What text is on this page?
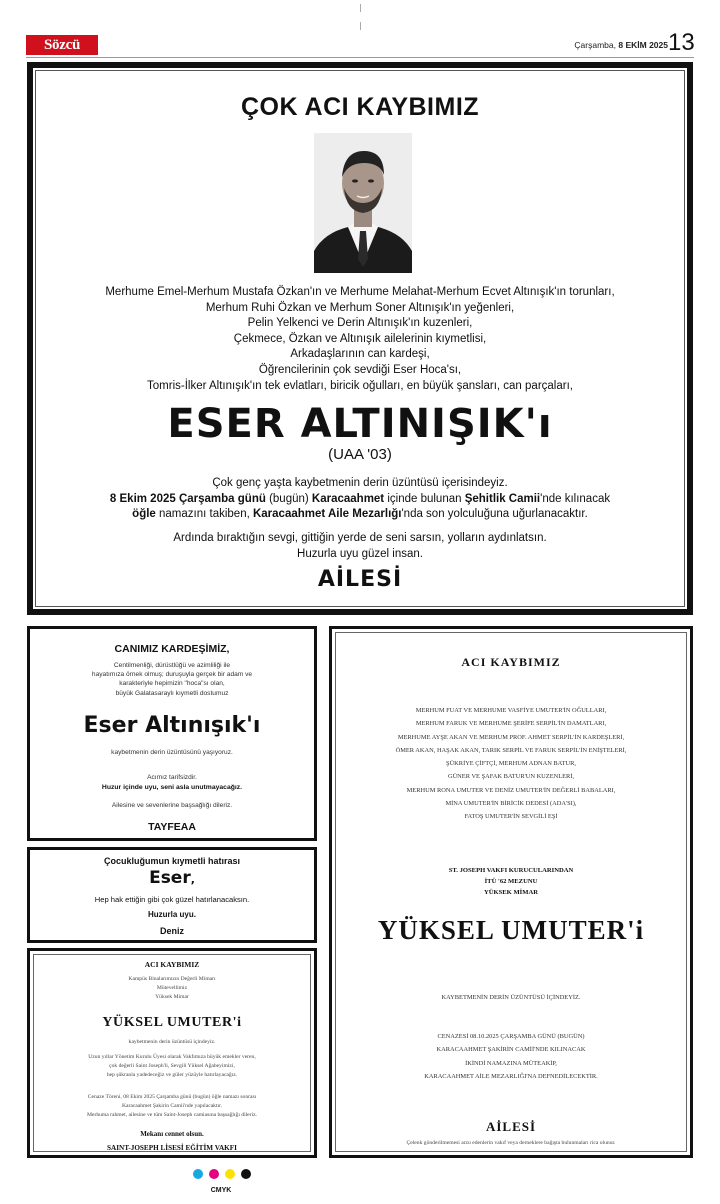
Sözcü	Çarşamba, 8 EKİM 2025 13
ÇOK ACI KAYBIMIZ
Merhume Emel-Merhum Mustafa Özkan'ın ve Merhume Melahat-Merhum Ecvet Altınışık'ın torunları,
Merhum Ruhi Özkan ve Merhum Soner Altınışık'ın yeğenleri,
Pelin Yelkenci ve Derin Altınışık'ın kuzenleri,
Çekmece, Özkan ve Altınışık ailelerinin kıymetlisi,
Arkadaşlarının can kardeşi,
Öğrencilerinin çok sevdiği Eser Hoca'sı,
Tomris-İlker Altınışık'ın tek evlatları, biricik oğulları, en büyük şansları, can parçaları,
ESER ALTINIŞIK'ı
(UAA '03)
Çok genç yaşta kaybetmenin derin üzüntüsü içerisindeyiz.
8 Ekim 2025 Çarşamba günü (bugün) Karacaahmet içinde bulunan Şehitlik Camii'nde kılınacak
öğle namazını takiben, Karacaahmet Aile Mezarlığı'nda son yolculuğuna uğurlanacaktır.
Ardında bıraktığın sevgi, gittiğin yerde de seni sarsın, yolların aydınlatsın.
Huzurla uyu güzel insan.
AİLESİ
CANIMIZ KARDEŞİMİZ,
Centilmenliği, dürüstlüğü ve azimliliği ile
hayatımıza örnek olmuş; duruşuyla gerçek bir adam ve
karakteriyle hepimizin "hoca"sı olan,
büyük Galatasaraylı kıymetli dostumuz
Eser Altınışık'ı
kaybetmenin derin üzüntüsünü yaşıyoruz.
Acımız tarifsizdir.
Huzur içinde uyu, seni asla unutmayacağız.
Ailesine ve sevenlerine başsağlığı dileriz.
TAYFEAA
Çocukluğumun kıymetli hatırası
Eser,
Hep hak ettiğin gibi çok güzel hatırlanacaksın.
Huzurla uyu.
Deniz
ACI KAYBIMIZ
Kampüs Binalarımızın Değerli Mimarı
Mütevellimiz
Yüksek Mimar
YÜKSEL UMUTER'i
kaybetmenin derin üzüntüsü içindeyiz.
Uzun yıllar Yönetim Kurulu Üyesi olarak Vakfımıza büyük emekler veren,
çok değerli Saint Joseph'li, Sevgili Yüksel Ağabeyimizi,
hep şükranla yadedeceğiz ve güler yüzüyle hatırlayacağız.
Cenaze Töreni, 08 Ekim 2025 Çarşamba günü (bugün) öğle namazı sonrası
Karacaahmet Şakirin Camii'nde yapılacaktır.
Merhuma rahmet, ailesine ve tüm Saint-Joseph camiasına başsağlığı dileriz.
Mekanı cennet olsun.
SAINT-JOSEPH LİSESİ EĞİTİM VAKFI
ACI KAYBIMIZ
MERHUM FUAT VE MERHUME VASFİYE UMUTER'İN OĞULLARI,
MERHUM FARUK VE MERHUME ŞERİFE SERPİL'İN DAMATLARI,
MERHUME AYŞE AKAN VE MERHUM PROF. AHMET SERPİL'İN KARDEŞLERİ,
ÖMER AKAN, HAŞAK AKAN, TARIK SERPİL VE FARUK SERPİL'İN ENİŞTELERİ,
ŞÜKRİYE ÇİFTÇİ, MERHUM ADNAN BATUR,
GÜNER VE ŞAFAK BATUR'UN KUZENLERİ,
MERHUM RONA UMUTER VE DENİZ UMUTER'İN DEĞERLİ BABALARI,
MİNA UMUTER'İN BİRİCİK DEDESİ (ADA'SI),
FATOŞ UMUTER'İN SEVGİLİ EŞİ
ST. JOSEPH VAKFI KURUCULARINDAN
İTÜ '62 MEZUNU
YÜKSEK MİMAR
YÜKSEL UMUTER'i
KAYBETMENİN DERİN ÜZÜNTÜSÜ İÇİNDEYİZ.
CENAZESİ 08.10.2025 ÇARŞAMBA GÜNÜ (BUGÜN)
KARACAAHMET ŞAKİRİN CAMİİ'NDE KILINACAK
İKİNDİ NAMAZINA MÜTEAKİP,
KARACAAHMET AİLE MEZARLIĞI'NA DEFNEDİLECEKTİR.
AİLESİ
Çelenk gönderilmemesi arzu edenlerin vakıf veya derneklere bağışta bulunmaları rica olunur.
CMYK
